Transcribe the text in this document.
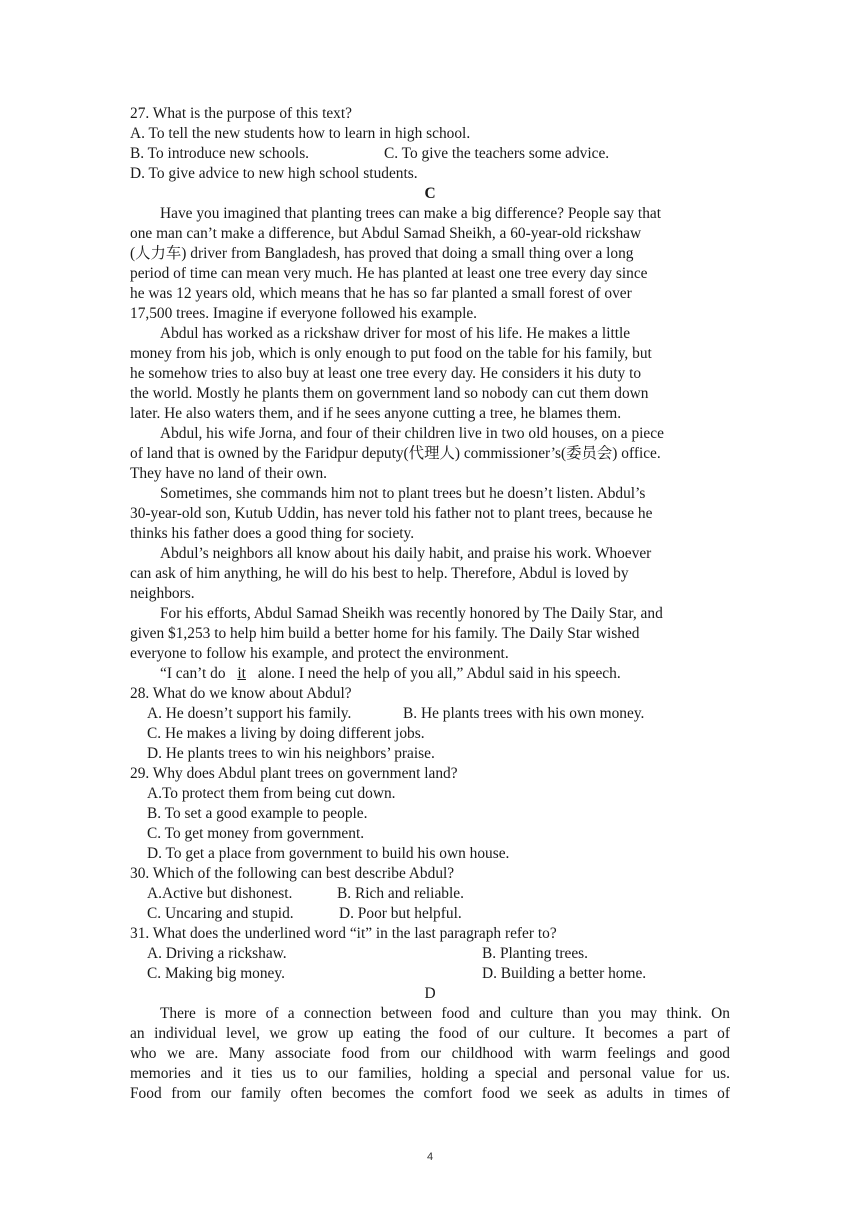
27. What is the purpose of this text?
A. To tell the new students how to learn in high school.
B. To introduce new schools.	C. To give the teachers some advice.
D. To give advice to new high school students.
C
Have you imagined that planting trees can make a big difference? People say that
one man can’t make a difference, but Abdul Samad Sheikh, a 60-year-old rickshaw
(人力车) driver from Bangladesh, has proved that doing a small thing over a long
period of time can mean very much. He has planted at least one tree every day since
he was 12 years old, which means that he has so far planted a small forest of over
17,500 trees. Imagine if everyone followed his example.
Abdul has worked as a rickshaw driver for most of his life. He makes a little
money from his job, which is only enough to put food on the table for his family, but
he somehow tries to also buy at least one tree every day. He considers it his duty to
the world. Mostly he plants them on government land so nobody can cut them down
later. He also waters them, and if he sees anyone cutting a tree, he blames them.
Abdul, his wife Jorna, and four of their children live in two old houses, on a piece
of land that is owned by the Faridpur deputy(代理人) commissioner’s(委员会) office.
They have no land of their own.
Sometimes, she commands him not to plant trees but he doesn’t listen. Abdul’s
30-year-old son, Kutub Uddin, has never told his father not to plant trees, because he
thinks his father does a good thing for society.
Abdul’s neighbors all know about his daily habit, and praise his work. Whoever
can ask of him anything, he will do his best to help. Therefore, Abdul is loved by
neighbors.
For his efforts, Abdul Samad Sheikh was recently honored by The Daily Star, and
given $1,253 to help him build a better home for his family. The Daily Star wished
everyone to follow his example, and protect the environment.
“I can’t do it alone. I need the help of you all,” Abdul said in his speech.
28. What do we know about Abdul?
A. He doesn’t support his family.	B. He plants trees with his own money.
C. He makes a living by doing different jobs.
D. He plants trees to win his neighbors’ praise.
29. Why does Abdul plant trees on government land?
A.To protect them from being cut down.
B. To set a good example to people.
C. To get money from government.
D. To get a place from government to build his own house.
30. Which of the following can best describe Abdul?
A.Active but dishonest.	B. Rich and reliable.
C. Uncaring and stupid.	D. Poor but helpful.
31. What does the underlined word “it” in the last paragraph refer to?
A. Driving a rickshaw.	B. Planting trees.
C. Making big money.	D. Building a better home.
D
There is more of a connection between food and culture than you may think. On
an individual level, we grow up eating the food of our culture. It becomes a part of
who we are. Many associate food from our childhood with warm feelings and good
memories and it ties us to our families, holding a special and personal value for us.
Food from our family often becomes the comfort food we seek as adults in times of
4
